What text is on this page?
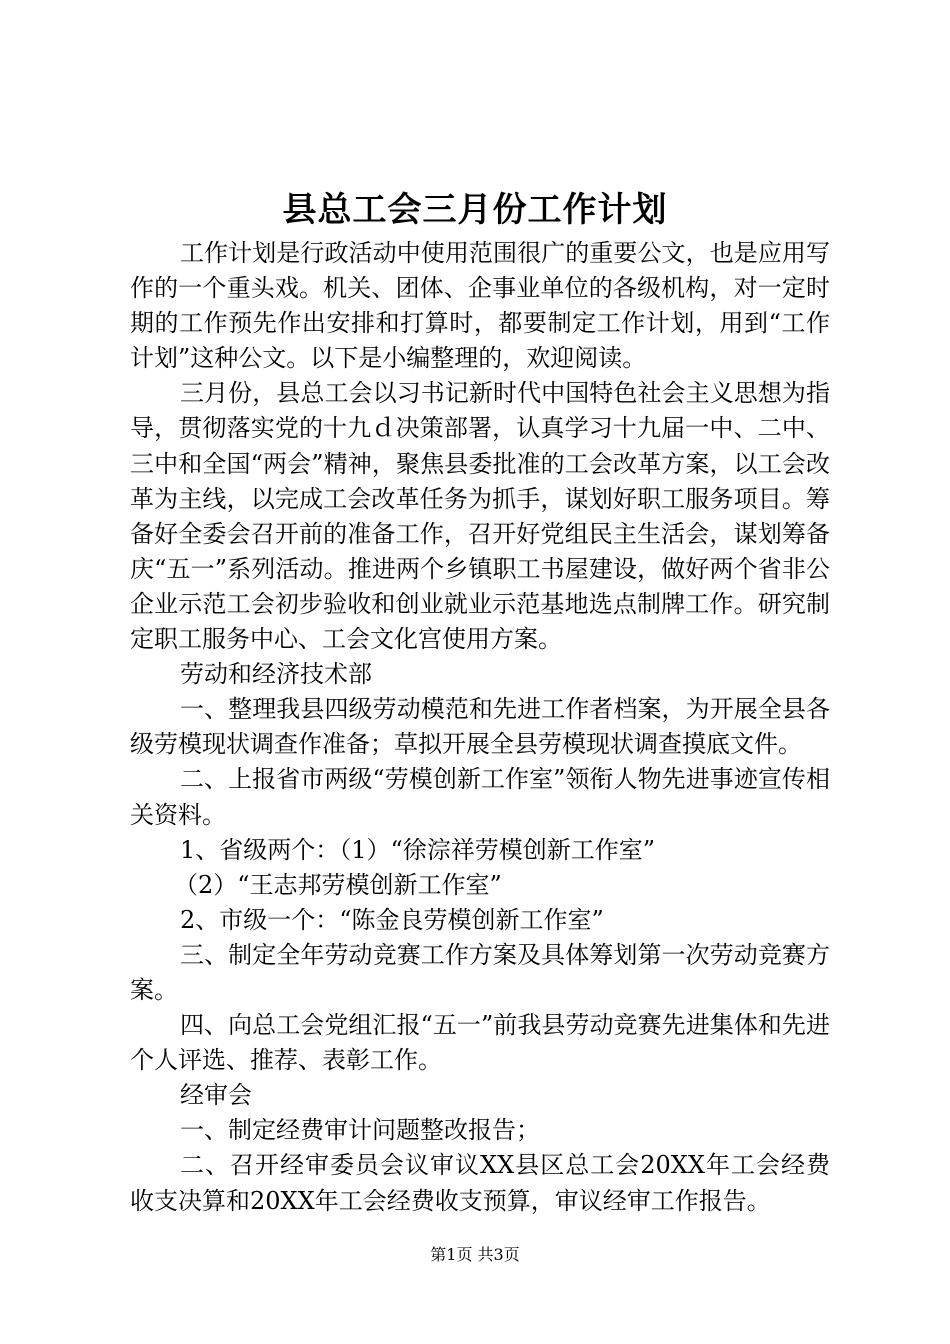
县总工会三月份工作计划

工作计划是行政活动中使用范围很广的重要公文，也是应用写作的一个重头戏。机关、团体、企事业单位的各级机构，对一定时期的工作预先作出安排和打算时，都要制定工作计划，用到“工作计划”这种公文。以下是小编整理的，欢迎阅读。

三月份，县总工会以习书记新时代中国特色社会主义思想为指导，贯彻落实党的十九ｄ决策部署，认真学习十九届一中、二中、三中和全国“两会”精神，聚焦县委批准的工会改革方案，以工会改革为主线，以完成工会改革任务为抓手，谋划好职工服务项目。筹备好全委会召开前的准备工作，召开好党组民主生活会，谋划筹备庆“五一”系列活动。推进两个乡镇职工书屋建设，做好两个省非公企业示范工会初步验收和创业就业示范基地选点制牌工作。研究制定职工服务中心、工会文化宫使用方案。

劳动和经济技术部

一、整理我县四级劳动模范和先进工作者档案，为开展全县各级劳模现状调查作准备；草拟开展全县劳模现状调查摸底文件。

二、上报省市两级“劳模创新工作室”领衔人物先进事迹宣传相关资料。

1、省级两个：（1）“徐淙祥劳模创新工作室”

（2）“王志邦劳模创新工作室”

2、市级一个：“陈金良劳模创新工作室”

三、制定全年劳动竞赛工作方案及具体筹划第一次劳动竞赛方案。

四、向总工会党组汇报“五一”前我县劳动竞赛先进集体和先进个人评选、推荐、表彰工作。

经审会

一、制定经费审计问题整改报告；

二、召开经审委员会议审议XX县区总工会20XX年工会经费收支决算和20XX年工会经费收支预算，审议经审工作报告。

第1页 共3页
